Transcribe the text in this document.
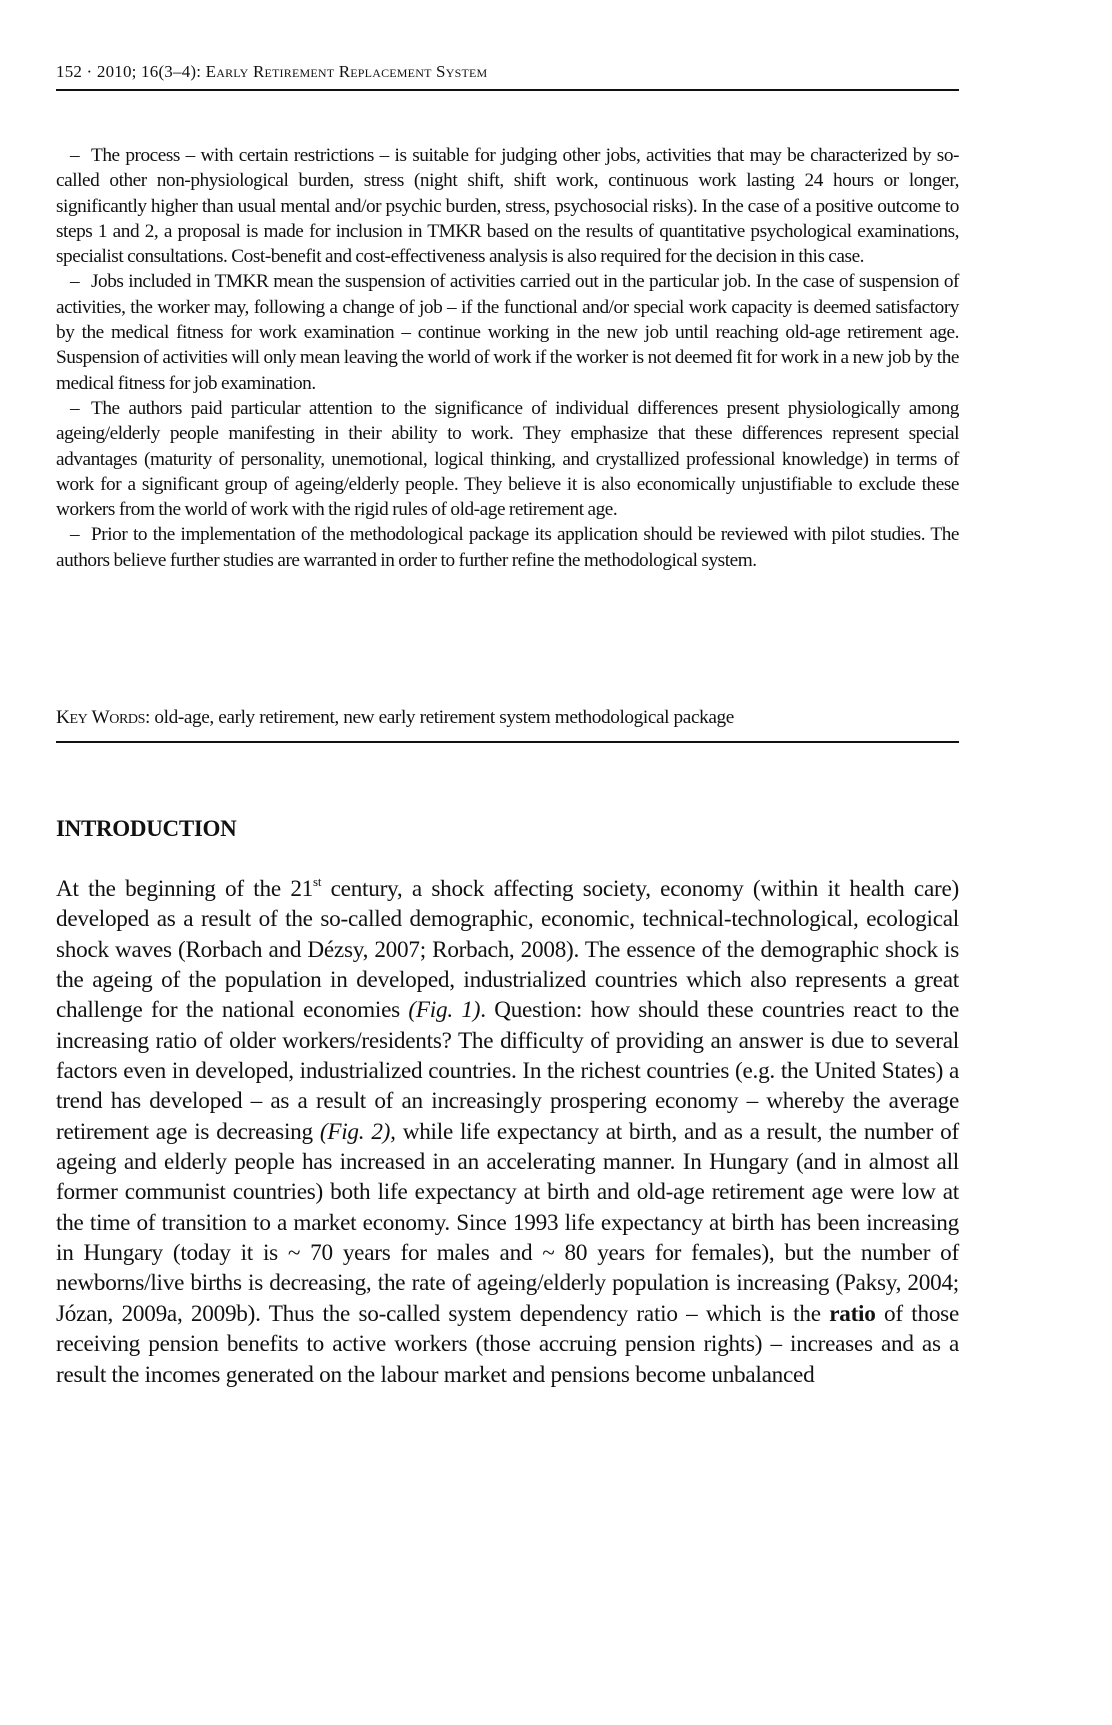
152 · 2010; 16(3–4): Early Retirement Replacement System

– The process – with certain restrictions – is suitable for judging other jobs, activities that may be characterized by so-called other non-physiological burden, stress (night shift, shift work, continuous work lasting 24 hours or longer, significantly higher than usual mental and/or psychic burden, stress, psychosocial risks). In the case of a positive outcome to steps 1 and 2, a proposal is made for inclusion in TMKR based on the results of quantitative psychological examinations, specialist consultations. Cost-benefit and cost-effectiveness analysis is also required for the decision in this case.

– Jobs included in TMKR mean the suspension of activities carried out in the particular job. In the case of suspension of activities, the worker may, following a change of job – if the functional and/or special work capacity is deemed satisfactory by the medical fitness for work examination – continue working in the new job until reaching old-age retirement age. Suspension of activities will only mean leaving the world of work if the worker is not deemed fit for work in a new job by the medical fitness for job examination.

– The authors paid particular attention to the significance of individual differences present physiologically among ageing/elderly people manifesting in their ability to work. They emphasize that these differences represent special advantages (maturity of personality, unemotional, logical thinking, and crystallized professional knowledge) in terms of work for a significant group of ageing/elderly people. They believe it is also economically unjustifiable to exclude these workers from the world of work with the rigid rules of old-age retirement age.

– Prior to the implementation of the methodological package its application should be reviewed with pilot studies. The authors believe further studies are warranted in order to further refine the methodological system.

Key Words: old-age, early retirement, new early retirement system methodological package
INTRODUCTION

At the beginning of the 21st century, a shock affecting society, economy (within it health care) developed as a result of the so-called demographic, economic, technical-technological, ecological shock waves (Rorbach and Dézsy, 2007; Rorbach, 2008). The essence of the demographic shock is the ageing of the population in developed, industrialized countries which also represents a great challenge for the national economies (Fig. 1). Question: how should these countries react to the increasing ratio of older workers/residents? The difficulty of providing an answer is due to several factors even in developed, industrialized countries. In the richest countries (e.g. the United States) a trend has developed – as a result of an increasingly prospering economy – whereby the average retirement age is decreasing (Fig. 2), while life expectancy at birth, and as a result, the number of ageing and elderly people has increased in an accelerating manner. In Hungary (and in almost all former communist countries) both life expectancy at birth and old-age retirement age were low at the time of transition to a market economy. Since 1993 life expectancy at birth has been increasing in Hungary (today it is ~ 70 years for males and ~ 80 years for females), but the number of newborns/live births is decreasing, the rate of ageing/elderly population is increasing (Paksy, 2004; Józan, 2009a, 2009b). Thus the so-called system dependency ratio – which is the ratio of those receiving pension benefits to active workers (those accruing pension rights) – increases and as a result the incomes generated on the labour market and pensions become unbalanced
